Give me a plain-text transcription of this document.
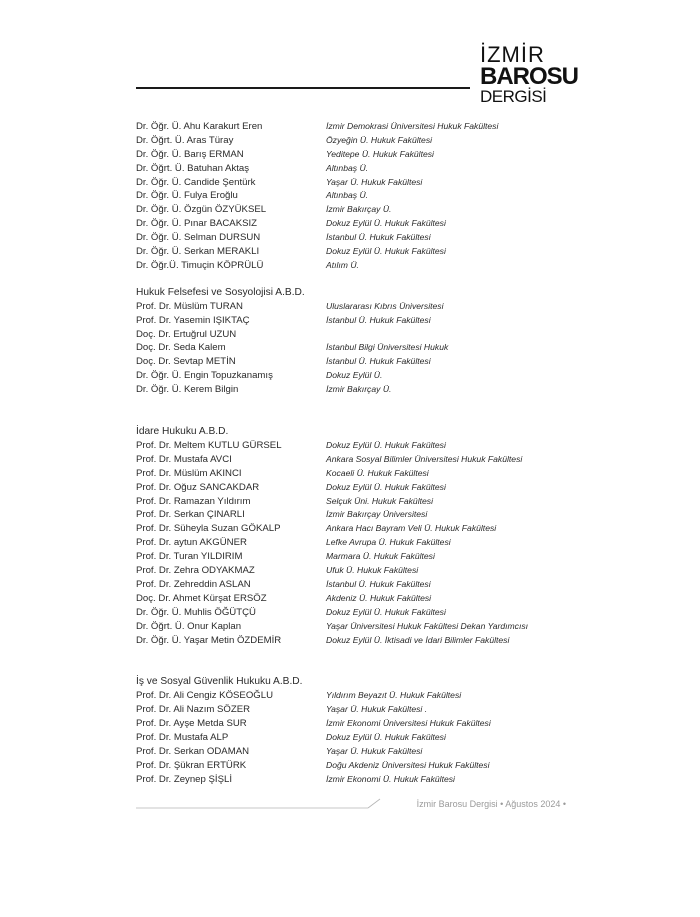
İZMİR
BAROSU
DERGİSİ
Dr. Öğr. Ü. Ahu Karakurt Eren	İzmir Demokrasi Üniversitesi Hukuk Fakültesi
Dr. Öğrt. Ü. Aras Türay	Özyeğin Ü. Hukuk Fakültesi
Dr. Öğr. Ü. Barış ERMAN	Yeditepe Ü. Hukuk Fakültesi
Dr. Öğrt. Ü. Batuhan Aktaş	Altınbaş Ü.
Dr. Öğr. Ü. Candide Şentürk	Yaşar Ü. Hukuk Fakültesi
Dr. Öğr. Ü. Fulya Eroğlu	Altınbaş Ü.
Dr. Öğr. Ü. Özgün ÖZYÜKSEL	İzmir Bakırçay Ü.
Dr. Öğr. Ü. Pınar BACAKSIZ	Dokuz Eylül Ü. Hukuk Fakültesi
Dr. Öğr. Ü. Selman DURSUN	İstanbul Ü. Hukuk Fakültesi
Dr. Öğr. Ü. Serkan MERAKLI	Dokuz Eylül Ü. Hukuk Fakültesi
Dr. Öğr.Ü. Timuçin KÖPRÜLÜ	Atılım Ü.
Hukuk Felsefesi ve Sosyolojisi A.B.D.
Prof. Dr. Müslüm TURAN	Uluslararası Kıbrıs Üniversitesi
Prof. Dr. Yasemin IŞIKTAÇ	İstanbul Ü. Hukuk Fakültesi
Doç. Dr. Ertuğrul UZUN
Doç. Dr. Seda Kalem	İstanbul Bilgi Üniversitesi Hukuk
Doç. Dr. Sevtap METİN	İstanbul Ü. Hukuk Fakültesi
Dr. Öğr. Ü. Engin Topuzkanamış	Dokuz Eylül Ü.
Dr. Öğr. Ü. Kerem Bilgin	İzmir Bakırçay Ü.
İdare Hukuku A.B.D.
Prof. Dr. Meltem KUTLU GÜRSEL	Dokuz Eylül Ü. Hukuk Fakültesi
Prof. Dr. Mustafa AVCI	Ankara Sosyal Bilimler Üniversitesi Hukuk Fakültesi
Prof. Dr. Müslüm AKINCI	Kocaeli Ü. Hukuk Fakültesi
Prof. Dr. Oğuz SANCAKDAR	Dokuz Eylül Ü. Hukuk Fakültesi
Prof. Dr. Ramazan Yıldırım	Selçuk Üni. Hukuk Fakültesi
Prof. Dr. Serkan ÇINARLI	İzmir Bakırçay Üniversitesi
Prof. Dr. Süheyla Suzan GÖKALP	Ankara Hacı Bayram Veli Ü. Hukuk Fakültesi
Prof. Dr. aytun AKGÜNER	Lefke Avrupa Ü. Hukuk Fakültesi
Prof. Dr. Turan YILDIRIM	Marmara Ü. Hukuk Fakültesi
Prof. Dr. Zehra ODYAKMAZ	Ufuk Ü. Hukuk Fakültesi
Prof. Dr. Zehreddin ASLAN	İstanbul Ü. Hukuk Fakültesi
Doç. Dr. Ahmet Kürşat ERSÖZ	Akdeniz Ü. Hukuk Fakültesi
Dr. Öğr. Ü. Muhlis ÖĞÜTÇÜ	Dokuz Eylül Ü. Hukuk Fakültesi
Dr. Öğrt. Ü. Onur Kaplan	Yaşar Üniversitesi Hukuk Fakültesi Dekan Yardımcısı
Dr. Öğr. Ü. Yaşar Metin ÖZDEMİR	Dokuz Eylül Ü. İktisadi ve İdari Bilimler Fakültesi
İş ve Sosyal Güvenlik Hukuku A.B.D.
Prof. Dr. Ali Cengiz KÖSEOĞLU	Yıldırım Beyazıt Ü. Hukuk Fakültesi
Prof. Dr. Ali Nazım SÖZER	Yaşar Ü. Hukuk Fakültesi .
Prof. Dr. Ayşe Metda SUR	İzmir Ekonomi Üniversitesi Hukuk Fakültesi
Prof. Dr. Mustafa ALP	Dokuz Eylül Ü. Hukuk Fakültesi
Prof. Dr. Serkan ODAMAN	Yaşar Ü. Hukuk Fakültesi
Prof. Dr. Şükran ERTÜRK	Doğu Akdeniz Üniversitesi Hukuk Fakültesi
Prof. Dr. Zeynep ŞİŞLİ	İzmir Ekonomi Ü. Hukuk Fakültesi
İzmir Barosu Dergisi • Ağustos 2024 •
